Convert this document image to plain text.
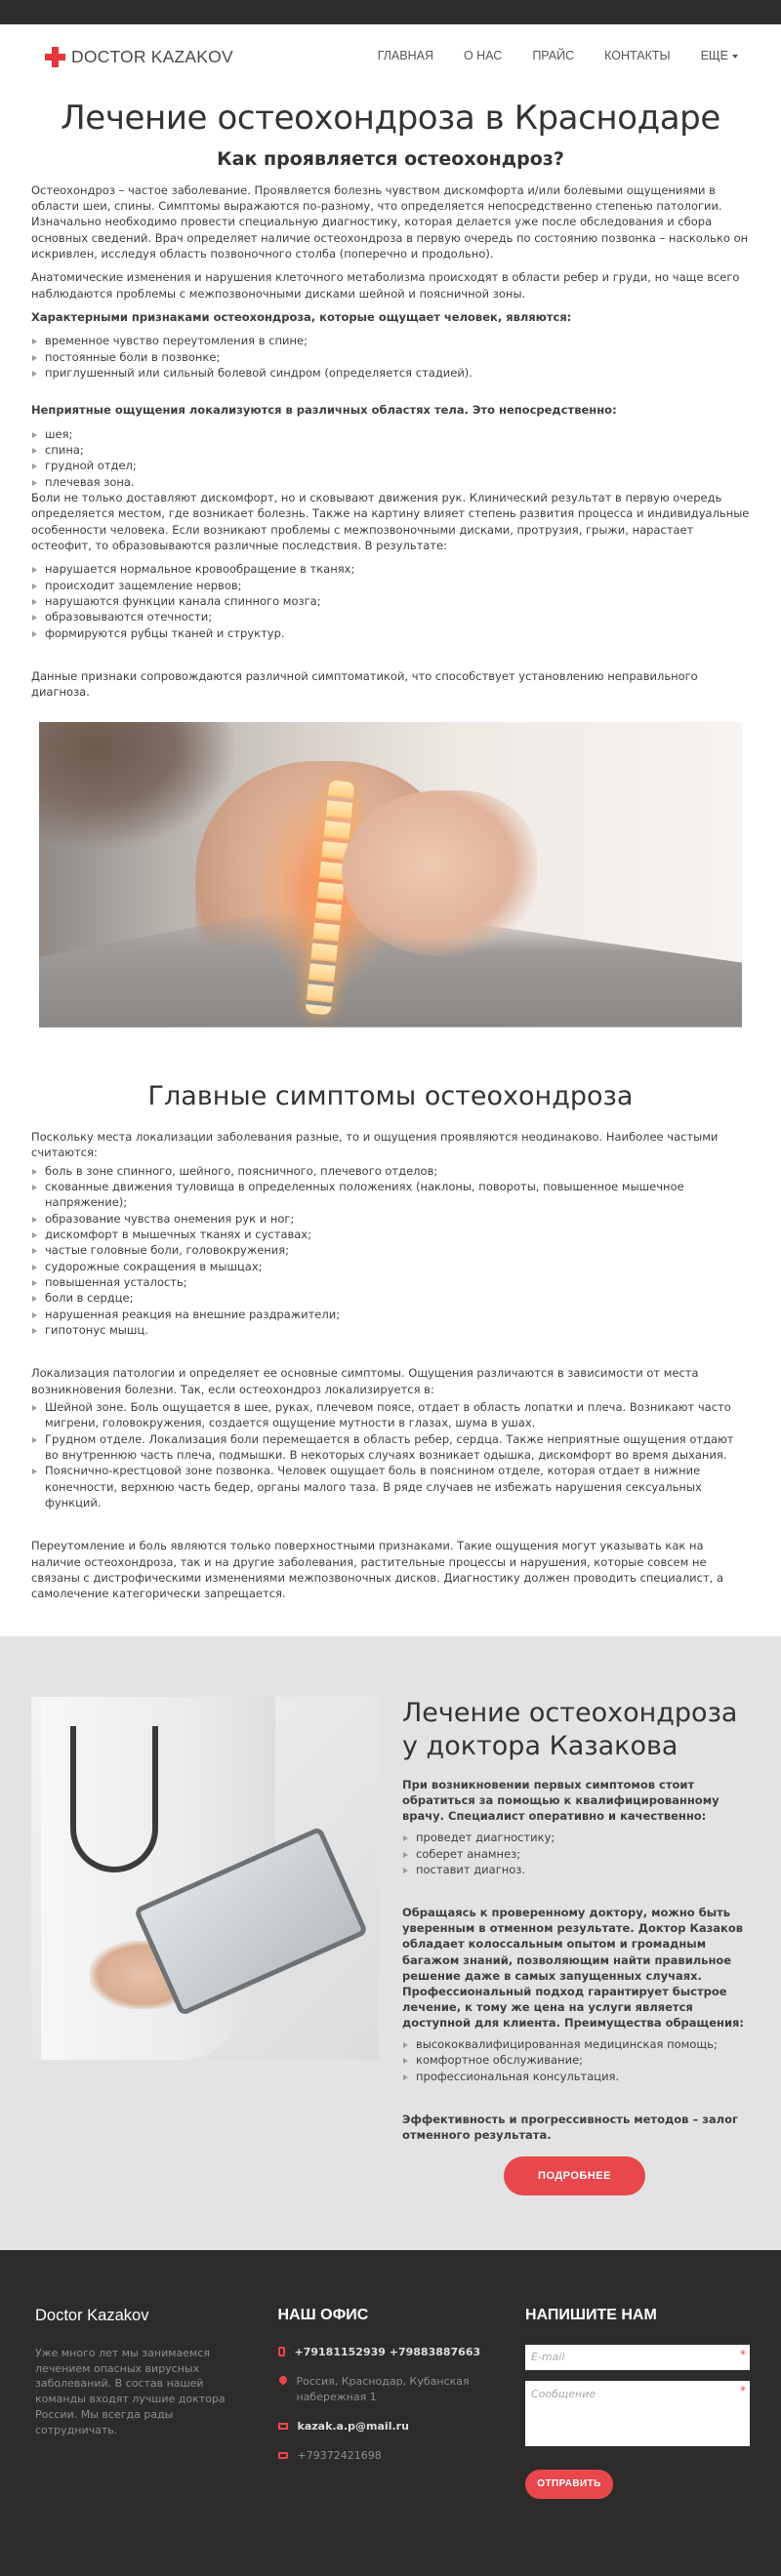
DOCTOR KAZAKOV	ГЛАВНАЯ О НАС ПРАЙС КОНТАКТЫ ЕЩЕ
Лечение остеохондроза в Краснодаре
Как проявляется остеохондроз?

Остеохондроз – частое заболевание. Проявляется болезнь чувством дискомфорта и/или болевыми ощущениями в области шеи, спины. Симптомы выражаются по-разному, что определяется непосредственно степенью патологии. Изначально необходимо провести специальную диагностику, которая делается уже после обследования и сбора основных сведений. Врач определяет наличие остеохондроза в первую очередь по состоянию позвонка – насколько он искривлен, исследуя область позвоночного столба (поперечно и продольно).

Анатомические изменения и нарушения клеточного метаболизма происходят в области ребер и груди, но чаще всего наблюдаются проблемы с межпозвоночными дисками шейной и поясничной зоны.

Характерными признаками остеохондроза, которые ощущает человек, являются:

временное чувство переутомления в спине;
постоянные боли в позвонке;
приглушенный или сильный болевой синдром (определяется стадией).

Неприятные ощущения локализуются в различных областях тела. Это непосредственно:

шея;
спина;
грудной отдел;
плечевая зона.

Боли не только доставляют дискомфорт, но и сковывают движения рук. Клинический результат в первую очередь определяется местом, где возникает болезнь. Также на картину влияет степень развития процесса и индивидуальные особенности человека. Если возникают проблемы с межпозвоночными дисками, протрузия, грыжи, нарастает остеофит, то образовываются различные последствия. В результате:

нарушается нормальное кровообращение в тканях;
происходит защемление нервов;
нарушаются функции канала спинного мозга;
образовываются отечности;
формируются рубцы тканей и структур.

Данные признаки сопровождаются различной симптоматикой, что способствует установлению неправильного диагноза.

Главные симптомы остеохондроза

Поскольку места локализации заболевания разные, то и ощущения проявляются неодинаково. Наиболее частыми считаются:

боль в зоне спинного, шейного, поясничного, плечевого отделов;
скованные движения туловища в определенных положениях (наклоны, повороты, повышенное мышечное напряжение);
образование чувства онемения рук и ног;
дискомфорт в мышечных тканях и суставах;
частые головные боли, головокружения;
судорожные сокращения в мышцах;
повышенная усталость;
боли в сердце;
нарушенная реакция на внешние раздражители;
гипотонус мышц.

Локализация патологии и определяет ее основные симптомы. Ощущения различаются в зависимости от места возникновения болезни. Так, если остеохондроз локализируется в:

Шейной зоне. Боль ощущается в шее, руках, плечевом поясе, отдает в область лопатки и плеча. Возникают часто мигрени, головокружения, создается ощущение мутности в глазах, шума в ушах.
Грудном отделе. Локализация боли перемещается в область ребер, сердца. Также неприятные ощущения отдают во внутреннюю часть плеча, подмышки. В некоторых случаях возникает одышка, дискомфорт во время дыхания.
Пояснично-крестцовой зоне позвонка. Человек ощущает боль в пояснином отделе, которая отдает в нижние конечности, верхнюю часть бедер, органы малого таза. В ряде случаев не избежать нарушения сексуальных функций.

Переутомление и боль являются только поверхностными признаками. Такие ощущения могут указывать как на наличие остеохондроза, так и на другие заболевания, растительные процессы и нарушения, которые совсем не связаны с дистрофическими изменениями межпозвоночных дисков. Диагностику должен проводить специалист, а самолечение категорически запрещается.

Лечение остеохондроза у доктора Казакова

При возникновении первых симптомов стоит обратиться за помощью к квалифицированному врачу. Специалист оперативно и качественно:

проведет диагностику;
соберет анамнез;
поставит диагноз.

Обращаясь к проверенному доктору, можно быть уверенным в отменном результате. Доктор Казаков обладает колоссальным опытом и громадным багажом знаний, позволяющим найти правильное решение даже в самых запущенных случаях. Профессиональный подход гарантирует быстрое лечение, к тому же цена на услуги является доступной для клиента. Преимущества обращения:

высококвалифицированная медицинская помощь;
комфортное обслуживание;
профессиональная консультация.

Эффективность и прогрессивность методов – залог отменного результата.

ПОДРОБНЕЕ
Doctor Kazakov
Уже много лет мы занимаемся лечением опасных вирусных заболеваний. В состав нашей команды входят лучшие доктора России. Мы всегда рады сотрудничать.
НАШ ОФИС
+79181152939 +79883887663
Россия, Краснодар, Кубанская набережная 1
kazak.a.p@mail.ru
+79372421698
НАПИШИТЕ НАМ
E-mail	*
Сообщение	*
ОТПРАВИТЬ
